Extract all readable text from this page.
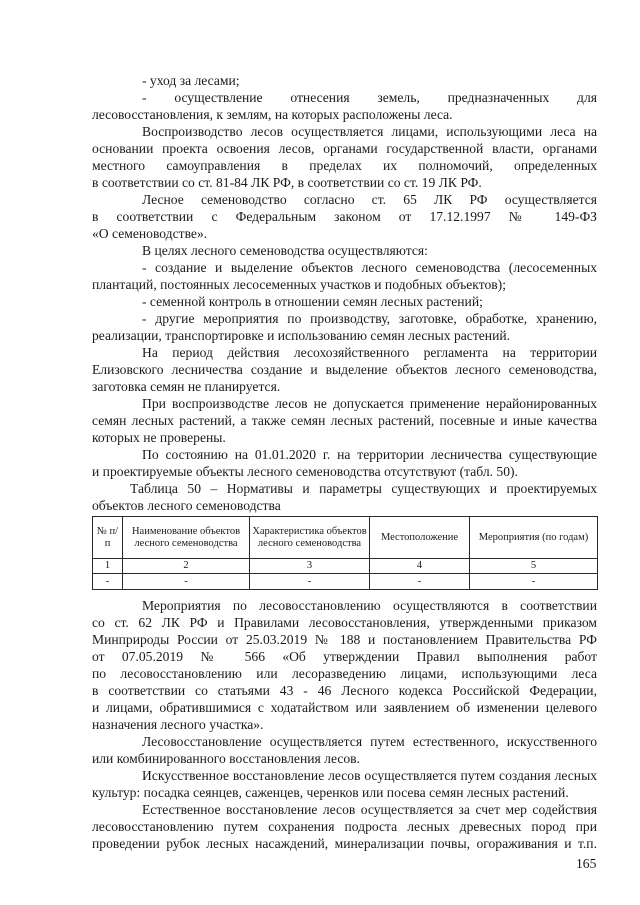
- уход за лесами;
- осуществление отнесения земель, предназначенных для
лесовосстановления, к землям, на которых расположены леса.
Воспроизводство лесов осуществляется лицами, использующими леса на
основании проекта освоения лесов, органами государственной власти, органами
местного самоуправления в пределах их полномочий, определенных
в соответствии со ст. 81-84 ЛК РФ, в соответствии со ст. 19 ЛК РФ.
Лесное семеноводство согласно ст. 65 ЛК РФ осуществляется
в соответствии с Федеральным законом от 17.12.1997 № 149-ФЗ
«О семеноводстве».
В целях лесного семеноводства осуществляются:
- создание и выделение объектов лесного семеноводства (лесосеменных
плантаций, постоянных лесосеменных участков и подобных объектов);
- семенной контроль в отношении семян лесных растений;
- другие мероприятия по производству, заготовке, обработке, хранению,
реализации, транспортировке и использованию семян лесных растений.
На период действия лесохозяйственного регламента на территории
Елизовского лесничества создание и выделение объектов лесного семеноводства,
заготовка семян не планируется.
При воспроизводстве лесов не допускается применение нерайонированных
семян лесных растений, а также семян лесных растений, посевные и иные качества
которых не проверены.
По состоянию на 01.01.2020 г. на территории лесничества существующие
и проектируемые объекты лесного семеноводства отсутствуют (табл. 50).
Таблица 50 – Нормативы и параметры существующих и проектируемых
объектов лесного семеноводства
№ п/п	Наименование объектов лесного семеноводства	Характеристика объектов лесного семеноводства	Местоположение	Мероприятия (по годам)
1	2	3	4	5
-	-	-	-	-
Мероприятия по лесовосстановлению осуществляются в соответствии
со ст. 62 ЛК РФ и Правилами лесовосстановления, утвержденными приказом
Минприроды России от 25.03.2019 № 188 и постановлением Правительства РФ
от 07.05.2019 № 566 «Об утверждении Правил выполнения работ
по лесовосстановлению или лесоразведению лицами, использующими леса
в соответствии со статьями 43 - 46 Лесного кодекса Российской Федерации,
и лицами, обратившимися с ходатайством или заявлением об изменении целевого
назначения лесного участка».
Лесовосстановление осуществляется путем естественного, искусственного
или комбинированного восстановления лесов.
Искусственное восстановление лесов осуществляется путем создания лесных
культур: посадка сеянцев, саженцев, черенков или посева семян лесных растений.
Естественное восстановление лесов осуществляется за счет мер содействия
лесовосстановлению путем сохранения подроста лесных древесных пород при
проведении рубок лесных насаждений, минерализации почвы, огораживания и т.п.
165
